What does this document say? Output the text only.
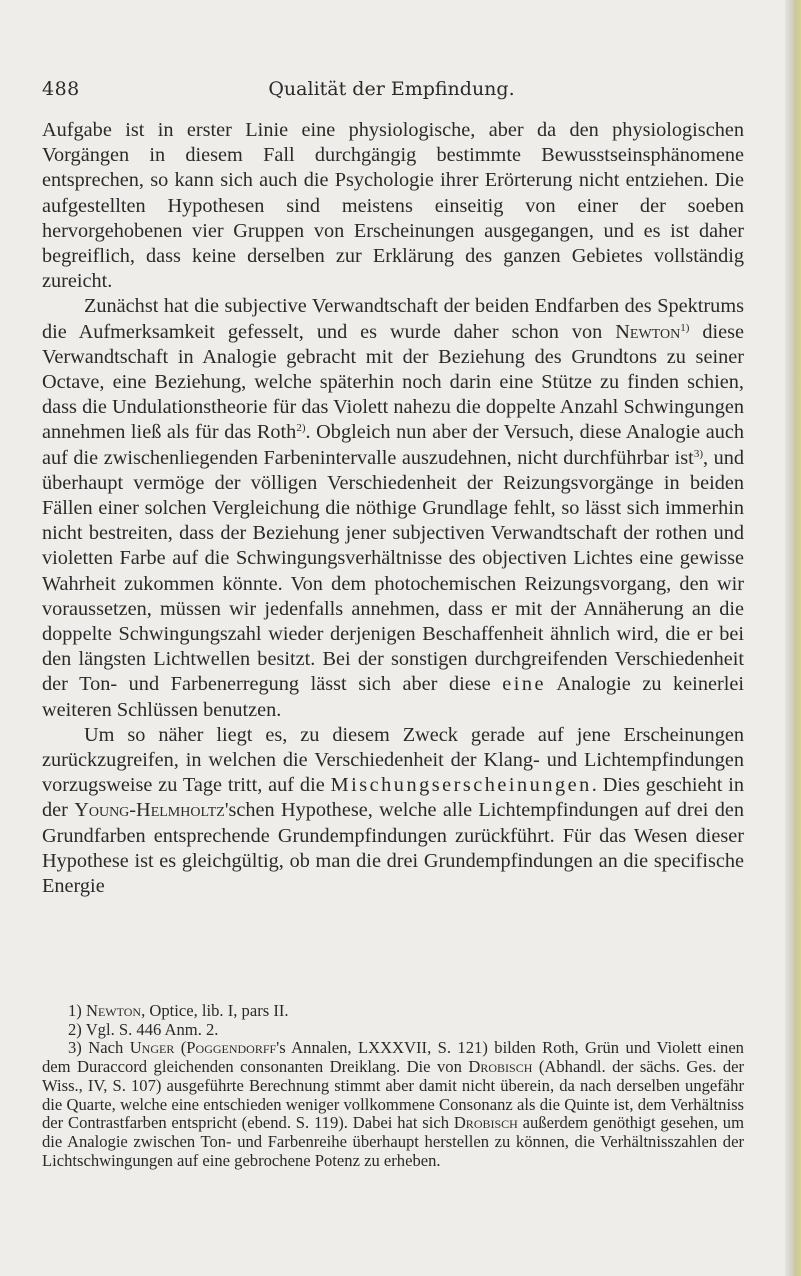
488	Qualität der Empfindung.

Aufgabe ist in erster Linie eine physiologische, aber da den physiologischen Vorgängen in diesem Fall durchgängig bestimmte Bewusstseinsphänomene entsprechen, so kann sich auch die Psychologie ihrer Erörterung nicht entziehen. Die aufgestellten Hypothesen sind meistens einseitig von einer der soeben hervorgehobenen vier Gruppen von Erscheinungen ausgegangen, und es ist daher begreiflich, dass keine derselben zur Erklärung des ganzen Gebietes vollständig zureicht.

Zunächst hat die subjective Verwandtschaft der beiden Endfarben des Spektrums die Aufmerksamkeit gefesselt, und es wurde daher schon von Newton$^{1)}$ diese Verwandtschaft in Analogie gebracht mit der Beziehung des Grundtons zu seiner Octave, eine Beziehung, welche späterhin noch darin eine Stütze zu finden schien, dass die Undulationstheorie für das Violett nahezu die doppelte Anzahl Schwingungen annehmen ließ als für das Roth$^{2)}$. Obgleich nun aber der Versuch, diese Analogie auch auf die zwischenliegenden Farbenintervalle auszudehnen, nicht durchführbar ist$^{3)}$, und überhaupt vermöge der völligen Verschiedenheit der Reizungsvorgänge in beiden Fällen einer solchen Vergleichung die nöthige Grundlage fehlt, so lässt sich immerhin nicht bestreiten, dass der Beziehung jener subjectiven Verwandtschaft der rothen und violetten Farbe auf die Schwingungsverhältnisse des objectiven Lichtes eine gewisse Wahrheit zukommen könnte. Von dem photochemischen Reizungsvorgang, den wir voraussetzen, müssen wir jedenfalls annehmen, dass er mit der Annäherung an die doppelte Schwingungszahl wieder derjenigen Beschaffenheit ähnlich wird, die er bei den längsten Lichtwellen besitzt. Bei der sonstigen durchgreifenden Verschiedenheit der Ton- und Farbenerregung lässt sich aber diese eine Analogie zu keinerlei weiteren Schlüssen benutzen.

Um so näher liegt es, zu diesem Zweck gerade auf jene Erscheinungen zurückzugreifen, in welchen die Verschiedenheit der Klang- und Lichtempfindungen vorzugsweise zu Tage tritt, auf die Mischungserscheinungen. Dies geschieht in der Young-Helmholtz'schen Hypothese, welche alle Lichtempfindungen auf drei den Grundfarben entsprechende Grundempfindungen zurückführt. Für das Wesen dieser Hypothese ist es gleichgültig, ob man die drei Grundempfindungen an die specifische Energie

1) Newton, Optice, lib. I, pars II.

2) Vgl. S. 446 Anm. 2.

3) Nach Unger (Poggendorff's Annalen, LXXXVII, S. 121) bilden Roth, Grün und Violett einen dem Duraccord gleichenden consonanten Dreiklang. Die von Drobisch (Abhandl. der sächs. Ges. der Wiss., IV, S. 107) ausgeführte Berechnung stimmt aber damit nicht überein, da nach derselben ungefähr die Quarte, welche eine entschieden weniger vollkommene Consonanz als die Quinte ist, dem Verhältniss der Contrastfarben entspricht (ebend. S. 119). Dabei hat sich Drobisch außerdem genöthigt gesehen, um die Analogie zwischen Ton- und Farbenreihe überhaupt herstellen zu können, die Verhältnisszahlen der Lichtschwingungen auf eine gebrochene Potenz zu erheben.
